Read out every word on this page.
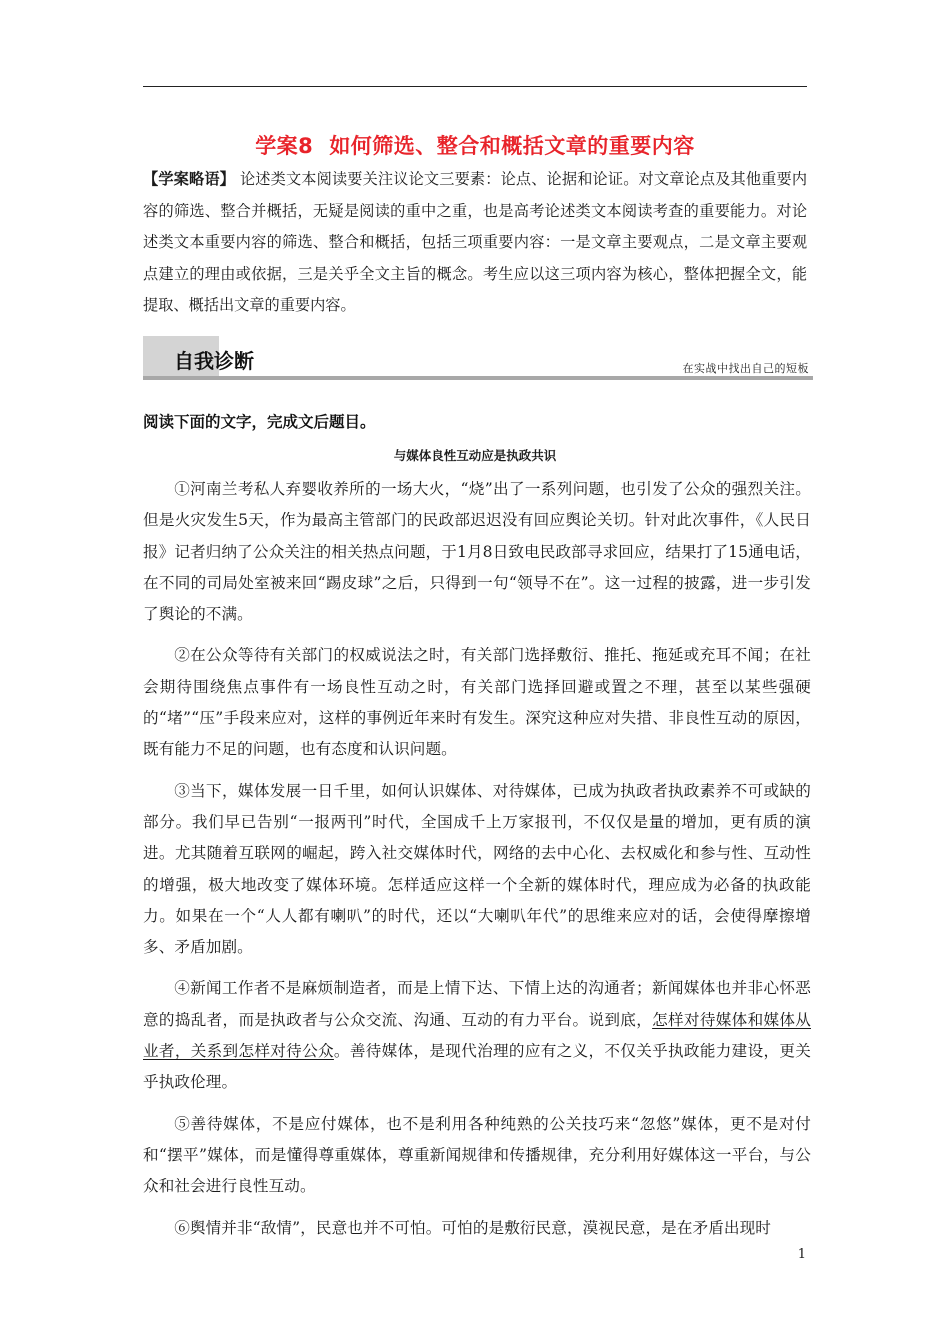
学案8 如何筛选、整合和概括文章的重要内容
【学案略语】 论述类文本阅读要关注议论文三要素：论点、论据和论证。对文章论点及其他重要内容的筛选、整合并概括，无疑是阅读的重中之重，也是高考论述类文本阅读考查的重要能力。对论述类文本重要内容的筛选、整合和概括，包括三项重要内容：一是文章主要观点，二是文章主要观点建立的理由或依据，三是关乎全文主旨的概念。考生应以这三项内容为核心，整体把握全文，能提取、概括出文章的重要内容。
自我诊断	在实战中找出自己的短板
阅读下面的文字，完成文后题目。
与媒体良性互动应是执政共识

①河南兰考私人弃婴收养所的一场大火，“烧”出了一系列问题，也引发了公众的强烈关注。但是火灾发生5天，作为最高主管部门的民政部迟迟没有回应舆论关切。针对此次事件，《人民日报》记者归纳了公众关注的相关热点问题，于1月8日致电民政部寻求回应，结果打了15通电话，在不同的司局处室被来回“踢皮球”之后，只得到一句“领导不在”。这一过程的披露，进一步引发了舆论的不满。

②在公众等待有关部门的权威说法之时，有关部门选择敷衍、推托、拖延或充耳不闻；在社会期待围绕焦点事件有一场良性互动之时，有关部门选择回避或置之不理，甚至以某些强硬的“堵”“压”手段来应对，这样的事例近年来时有发生。深究这种应对失措、非良性互动的原因，既有能力不足的问题，也有态度和认识问题。

③当下，媒体发展一日千里，如何认识媒体、对待媒体，已成为执政者执政素养不可或缺的部分。我们早已告别“一报两刊”时代，全国成千上万家报刊，不仅仅是量的增加，更有质的演进。尤其随着互联网的崛起，跨入社交媒体时代，网络的去中心化、去权威化和参与性、互动性的增强，极大地改变了媒体环境。怎样适应这样一个全新的媒体时代，理应成为必备的执政能力。如果在一个“人人都有喇叭”的时代，还以“大喇叭年代”的思维来应对的话，会使得摩擦增多、矛盾加剧。

④新闻工作者不是麻烦制造者，而是上情下达、下情上达的沟通者；新闻媒体也并非心怀恶意的捣乱者，而是执政者与公众交流、沟通、互动的有力平台。说到底，怎样对待媒体和媒体从业者，关系到怎样对待公众。善待媒体，是现代治理的应有之义，不仅关乎执政能力建设，更关乎执政伦理。

⑤善待媒体，不是应付媒体，也不是利用各种纯熟的公关技巧来“忽悠”媒体，更不是对付和“摆平”媒体，而是懂得尊重媒体，尊重新闻规律和传播规律，充分利用好媒体这一平台，与公众和社会进行良性互动。

⑥舆情并非“敌情”，民意也并不可怕。可怕的是敷衍民意，漠视民意，是在矛盾出现时

1
